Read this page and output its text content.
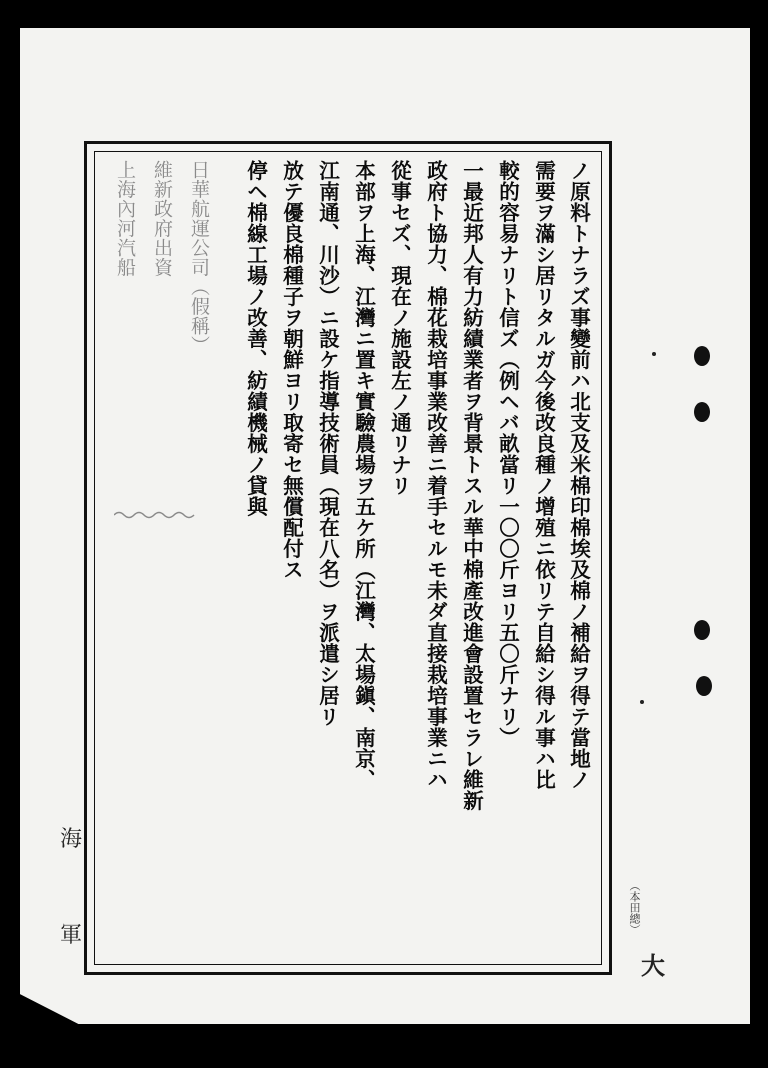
ノ原料トナラズ事變前ハ北支及米棉印棉埃及棉ノ補給ヲ得テ當地ノ
需要ヲ滿シ居リタルガ今後改良種ノ增殖ニ依リテ自給シ得ル事ハ比
較的容易ナリト信ズ（例ヘバ畝當リ一〇〇斤ヨリ五〇斤ナリ）
一最近邦人有力紡績業者ヲ背景トスル華中棉產改進會設置セラレ維新
政府ト協力、棉花栽培事業改善ニ着手セルモ未ダ直接栽培事業ニハ
從事セズ、現在ノ施設左ノ通リナリ
本部ヲ上海、江灣ニ置キ實驗農場ヲ五ケ所（江灣、太場鎭、南京、
江南通、川沙）ニ設ケ指導技術員（現在八名）ヲ派遣シ居リ
放テ優良棉種子ヲ朝鮮ヨリ取寄セ無償配付ス
停ヘ棉線工場ノ改善、紡績機械ノ貸與
日華航運公司（假稱）
維新政府出資
上海內河汽船
海
軍
（本田總）
大
